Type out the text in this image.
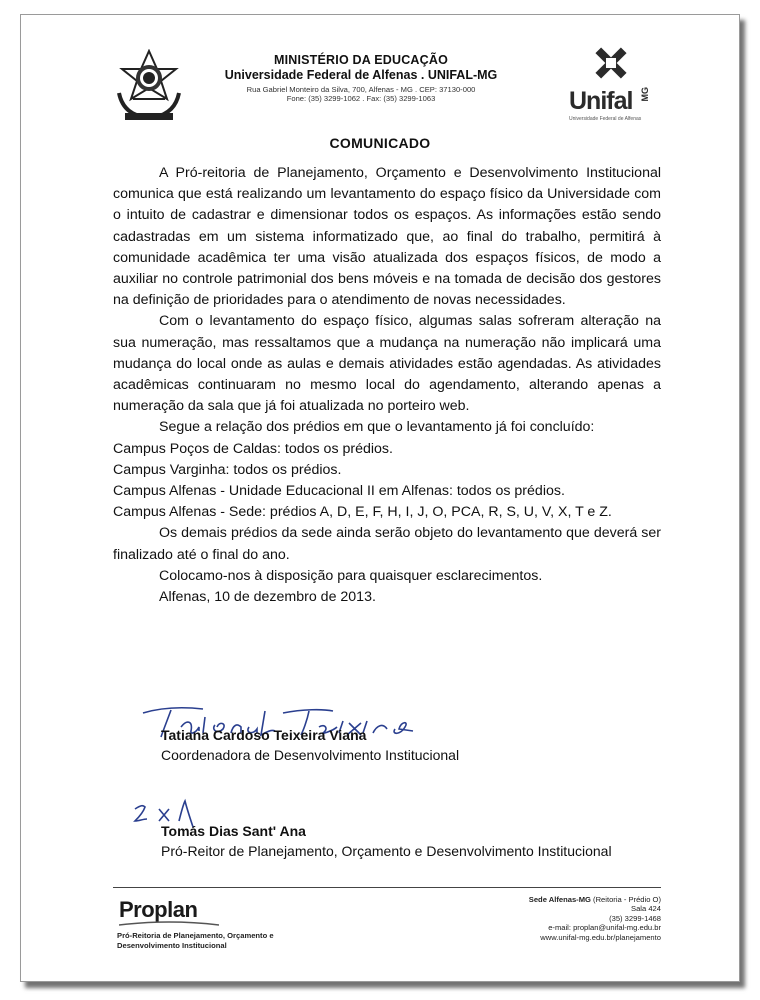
MINISTÉRIO DA EDUCAÇÃO
Universidade Federal de Alfenas . UNIFAL-MG
Rua Gabriel Monteiro da Silva, 700, Alfenas - MG . CEP: 37130-000
Fone: (35) 3299-1062 . Fax: (35) 3299-1063	Unifal MG
Universidade Federal de Alfenas
COMUNICADO

A Pró-reitoria de Planejamento, Orçamento e Desenvolvimento Institucional comunica que está realizando um levantamento do espaço físico da Universidade com o intuito de cadastrar e dimensionar todos os espaços. As informações estão sendo cadastradas em um sistema informatizado que, ao final do trabalho, permitirá à comunidade acadêmica ter uma visão atualizada dos espaços físicos, de modo a auxiliar no controle patrimonial dos bens móveis e na tomada de decisão dos gestores na definição de prioridades para o atendimento de novas necessidades.

Com o levantamento do espaço físico, algumas salas sofreram alteração na sua numeração, mas ressaltamos que a mudança na numeração não implicará uma mudança do local onde as aulas e demais atividades estão agendadas. As atividades acadêmicas continuaram no mesmo local do agendamento, alterando apenas a numeração da sala que já foi atualizada no porteiro web.

Segue a relação dos prédios em que o levantamento já foi concluído:

Campus Poços de Caldas: todos os prédios.

Campus Varginha: todos os prédios.

Campus Alfenas - Unidade Educacional II em Alfenas: todos os prédios.

Campus Alfenas - Sede: prédios A, D, E, F, H, I, J, O, PCA, R, S, U, V, X, T e Z.

Os demais prédios da sede ainda serão objeto do levantamento que deverá ser finalizado até o final do ano.

Colocamo-nos à disposição para quaisquer esclarecimentos.

Alfenas, 10 de dezembro de 2013.

Tatiana Cardoso Teixeira Viana
Coordenadora de Desenvolvimento Institucional
Tomás Dias Sant' Ana
Pró-Reitor de Planejamento, Orçamento e Desenvolvimento Institucional
Proplan
Pró-Reitoria de Planejamento, Orçamento e
Desenvolvimento Institucional
Sede Alfenas-MG (Reitoria - Prédio O)
Sala 424
(35) 3299-1468
e-mail: proplan@unifal-mg.edu.br
www.unifal-mg.edu.br/planejamento
